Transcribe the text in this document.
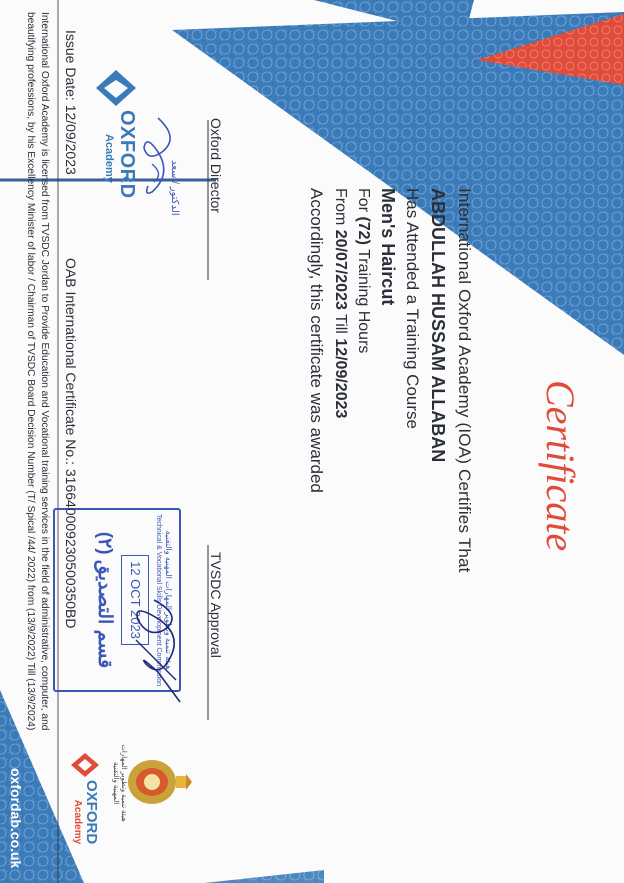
Certificate
International Oxford Academy (IOA) Certifies That
ABDULLAH HUSSAM ALLABAN
Has Attended a Training Course
Men's Haircut
For (72) Training Hours
From 20/07/2023 Till 12/09/2023
Accordingly, this certificate was awarded
TVSDC Approval
Oxford Director
الدكتور / سعد
OXFORD
Academy
OXFORD
Academy
هيئة تنمية وتطوير المهارات المهنية والتقنية
هيئة تنمية وتطوير المهارات المهنية والتقنية
Technical & Vocational Skills Development Commission
12 OCT 2023
قسم التصديق (٢)
Issue Date: 12/09/2023
OAB International Certificate No.: 316640009230500350BD
International Oxford Academy is licensed from TVSDC Jordan to Provide Education and Vocational training services in the field of administrative, computer, and
beautifying professions, by his Excellency Minister of labor / Chairman of TVSDC Board Decision Number (T/ Spical /44/ 2022) from (13/9/2022) Till (13/9/2024)
oxfordab.co.uk
